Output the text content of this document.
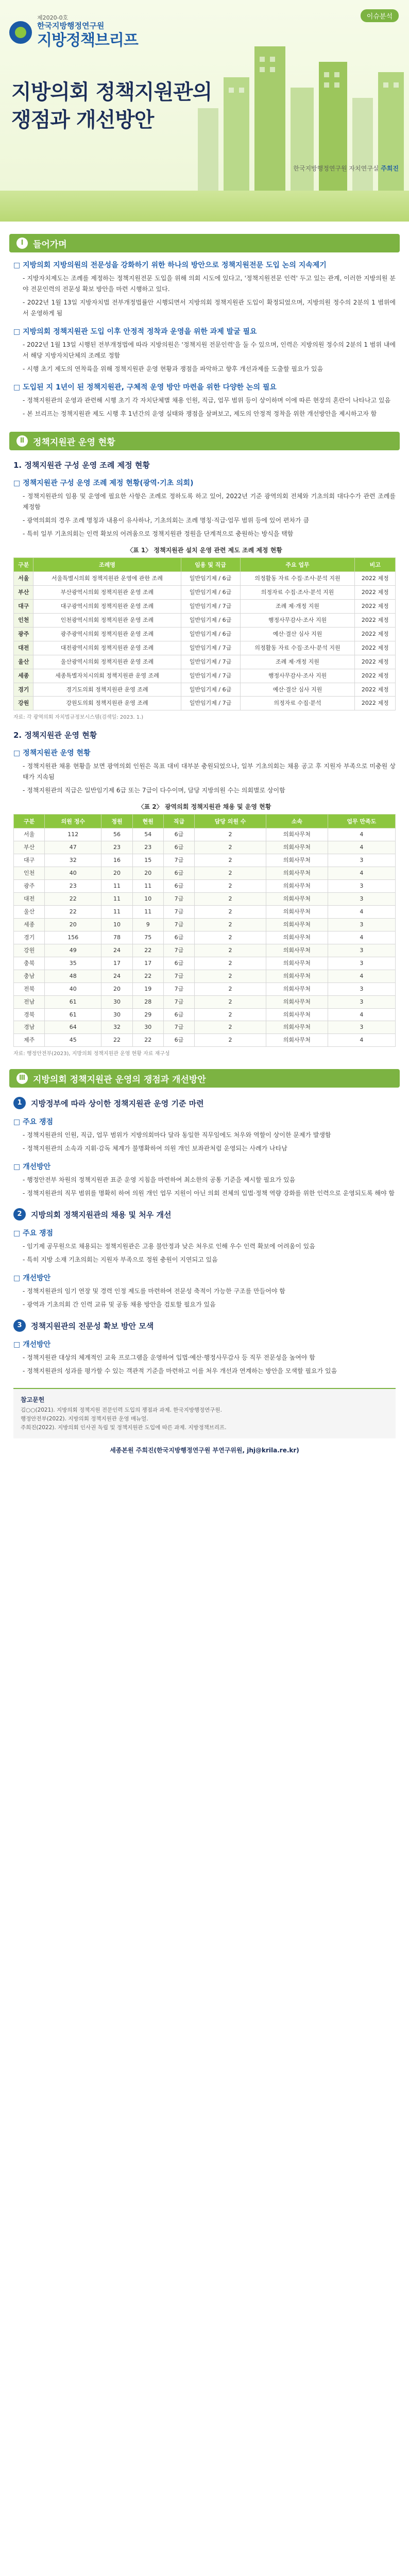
제2020-0호
한국지방행정연구원
지방정책브리프
이슈분석
지방의회 정책지원관의
쟁점과 개선방안
한국지방행정연구원 자치연구실 주희진
Ⅰ	들어가며
□ 지방의회 지방의원의 전문성을 강화하기 위한 하나의 방안으로 정책지원전문 도입 논의 지속제기

- 지방자치제도는 조례를 제정하는 정책지원전문 도입을 위해 의회 시도에 있다고, '정책지원전문 인력' 두고 있는 관계, 이러한 지방의원 분야 전문인력의 전문성 확보 방안을 마련 시행하고 있다.

- 2022년 1월 13일 지방자치법 전부개정법률안 시행되면서 지방의회 정책지원관 도입이 확정되었으며, 지방의원 정수의 2분의 1 범위에서 운영하게 됨

□ 지방의회 정책지원관 도입 이후 안정적 정착과 운영을 위한 과제 발굴 필요

- 2022년 1월 13일 시행된 전부개정법에 따라 지방의원은 '정책지원 전문인력'을 둘 수 있으며, 인력은 지방의원 정수의 2분의 1 범위 내에서 해당 지방자치단체의 조례로 정함

- 시행 초기 제도의 연착륙을 위해 정책지원관 운영 현황과 쟁점을 파악하고 향후 개선과제를 도출할 필요가 있음

□ 도입된 지 1년이 된 정책지원관, 구체적 운영 방안 마련을 위한 다양한 논의 필요

- 정책지원관의 운영과 관련해 시행 초기 각 자치단체별 채용 인원, 직급, 업무 범위 등이 상이하며 이에 따른 현장의 혼란이 나타나고 있음

- 본 브리프는 정책지원관 제도 시행 후 1년간의 운영 실태와 쟁점을 살펴보고, 제도의 안정적 정착을 위한 개선방안을 제시하고자 함

Ⅱ 정책지원관 운영 현황
1. 정책지원관 구성 운영 조례 제정 현황
□ 정책지원관 구성 운영 조례 제정 현황(광역·기초 의회)

- 정책지원관의 임용 및 운영에 필요한 사항은 조례로 정하도록 하고 있어, 2022년 기준 광역의회 전체와 기초의회 대다수가 관련 조례를 제정함

- 광역의회의 경우 조례 명칭과 내용이 유사하나, 기초의회는 조례 명칭·직급·업무 범위 등에 있어 편차가 큼

- 특히 일부 기초의회는 인력 확보의 어려움으로 정책지원관 정원을 단계적으로 충원하는 방식을 택함

〈표 1〉 정책지원관 설치 운영 관련 제도 조례 제정 현황
구분	조례명	임용 및 직급	주요 업무	비고
서울	서울특별시의회 정책지원관 운영에 관한 조례	일반임기제 / 6급	의정활동 자료 수집·조사·분석 지원	2022 제정
부산	부산광역시의회 정책지원관 운영 조례	일반임기제 / 6급	의정자료 수집·조사·분석 지원	2022 제정
대구	대구광역시의회 정책지원관 운영 조례	일반임기제 / 7급	조례 제·개정 지원	2022 제정
인천	인천광역시의회 정책지원관 운영 조례	일반임기제 / 6급	행정사무감사·조사 지원	2022 제정
광주	광주광역시의회 정책지원관 운영 조례	일반임기제 / 6급	예산·결산 심사 지원	2022 제정
대전	대전광역시의회 정책지원관 운영 조례	일반임기제 / 7급	의정활동 자료 수집·조사·분석 지원	2022 제정
울산	울산광역시의회 정책지원관 운영 조례	일반임기제 / 7급	조례 제·개정 지원	2022 제정
세종	세종특별자치시의회 정책지원관 운영 조례	일반임기제 / 7급	행정사무감사·조사 지원	2022 제정
경기	경기도의회 정책지원관 운영 조례	일반임기제 / 6급	예산·결산 심사 지원	2022 제정
강원	강원도의회 정책지원관 운영 조례	일반임기제 / 7급	의정자료 수집·분석	2022 제정
자료: 각 광역의회 자치법규정보시스템(검색일: 2023. 1.)
2. 정책지원관 운영 현황
□ 정책지원관 운영 현황

- 정책지원관 채용 현황을 보면 광역의회 인원은 목표 대비 대부분 충원되었으나, 일부 기초의회는 채용 공고 후 지원자 부족으로 미충원 상태가 지속됨

- 정책지원관의 직급은 일반임기제 6급 또는 7급이 다수이며, 담당 지방의원 수는 의회별로 상이함

〈표 2〉 광역의회 정책지원관 채용 및 운영 현황
구분	의원 정수	정원	현원	직급	담당 의원 수	소속	업무 만족도
서울	112	56	54	6급	2	의회사무처	4
부산	47	23	23	6급	2	의회사무처	4
대구	32	16	15	7급	2	의회사무처	3
인천	40	20	20	6급	2	의회사무처	4
광주	23	11	11	6급	2	의회사무처	3
대전	22	11	10	7급	2	의회사무처	3
울산	22	11	11	7급	2	의회사무처	4
세종	20	10	9	7급	2	의회사무처	3
경기	156	78	75	6급	2	의회사무처	4
강원	49	24	22	7급	2	의회사무처	3
충북	35	17	17	6급	2	의회사무처	3
충남	48	24	22	7급	2	의회사무처	4
전북	40	20	19	7급	2	의회사무처	3
전남	61	30	28	7급	2	의회사무처	3
경북	61	30	29	6급	2	의회사무처	4
경남	64	32	30	7급	2	의회사무처	3
제주	45	22	22	6급	2	의회사무처	4
자료: 행정안전부(2023), 지방의회 정책지원관 운영 현황 자료 재구성
Ⅲ 지방의회 정책지원관 운영의 쟁점과 개선방안
1	지방정부에 따라 상이한 정책지원관 운영 기준 마련
□ 주요 쟁점

- 정책지원관의 인원, 직급, 업무 범위가 지방의회마다 달라 동일한 직무임에도 처우와 역할이 상이한 문제가 발생함

- 정책지원관의 소속과 지휘·감독 체계가 불명확하여 의원 개인 보좌관처럼 운영되는 사례가 나타남

□ 개선방안

- 행정안전부 차원의 정책지원관 표준 운영 지침을 마련하여 최소한의 공통 기준을 제시할 필요가 있음

- 정책지원관의 직무 범위를 명확히 하여 의원 개인 업무 지원이 아닌 의회 전체의 입법·정책 역량 강화를 위한 인력으로 운영되도록 해야 함

2	지방의회 정책지원관의 채용 및 처우 개선
□ 주요 쟁점

- 임기제 공무원으로 채용되는 정책지원관은 고용 불안정과 낮은 처우로 인해 우수 인력 확보에 어려움이 있음

- 특히 지방 소재 기초의회는 지원자 부족으로 정원 충원이 지연되고 있음

□ 개선방안

- 정책지원관의 임기 연장 및 경력 인정 제도를 마련하여 전문성 축적이 가능한 구조를 만들어야 함

- 광역과 기초의회 간 인력 교류 및 공동 채용 방안을 검토할 필요가 있음

3	정책지원관의 전문성 확보 방안 모색
□ 개선방안

- 정책지원관 대상의 체계적인 교육 프로그램을 운영하여 입법·예산·행정사무감사 등 직무 전문성을 높여야 함

- 정책지원관의 성과를 평가할 수 있는 객관적 기준을 마련하고 이를 처우 개선과 연계하는 방안을 모색할 필요가 있음

참고문헌
김○○(2021). 지방의회 정책지원 전문인력 도입의 쟁점과 과제. 한국지방행정연구원.
행정안전부(2022). 지방의회 정책지원관 운영 매뉴얼.
주희진(2022). 지방의회 인사권 독립 및 정책지원관 도입에 따른 과제. 지방정책브리프.
세종본원 주희진(한국지방행정연구원 부연구위원, jhj@krila.re.kr)
